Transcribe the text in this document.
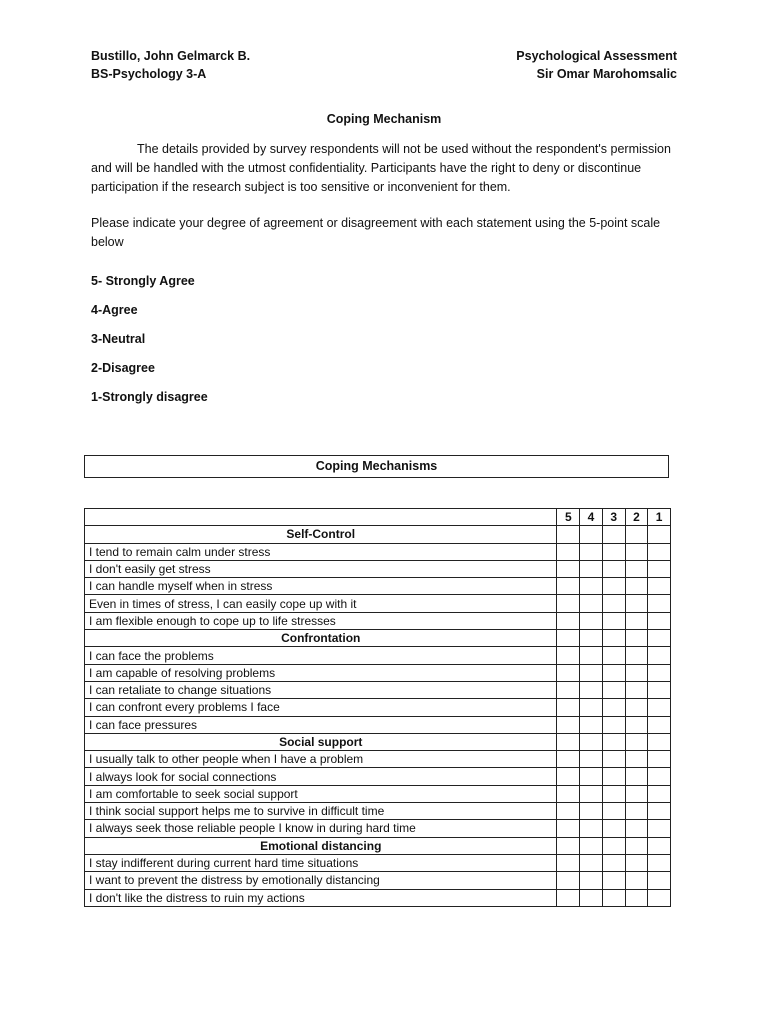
Bustillo, John Gelmarck B.
BS-Psychology 3-A
Psychological Assessment
Sir Omar Marohomsalic
Coping Mechanism

The details provided by survey respondents will not be used without the respondent's permission and will be handled with the utmost confidentiality. Participants have the right to deny or discontinue participation if the research subject is too sensitive or inconvenient for them.

Please indicate your degree of agreement or disagreement with each statement using the 5-point scale below

5- Strongly Agree
4-Agree
3-Neutral
2-Disagree
1-Strongly disagree
Coping Mechanisms
	5	4	3	2	1
Self-Control					
I tend to remain calm under stress					
I don't easily get stress					
I can handle myself when in stress					
Even in times of stress, I can easily cope up with it					
I am flexible enough to cope up to life stresses					
Confrontation					
I can face the problems					
I am capable of resolving problems					
I can retaliate to change situations					
I can confront every problems I face					
I can face pressures					
Social support					
I usually talk to other people when I have a problem					
I always look for social connections					
I am comfortable to seek social support					
I think social support helps me to survive in difficult time					
I always seek those reliable people I know in during hard time					
Emotional distancing					
I stay indifferent during current hard time situations					
I want to prevent the distress by emotionally distancing					
I don't like the distress to ruin my actions					
